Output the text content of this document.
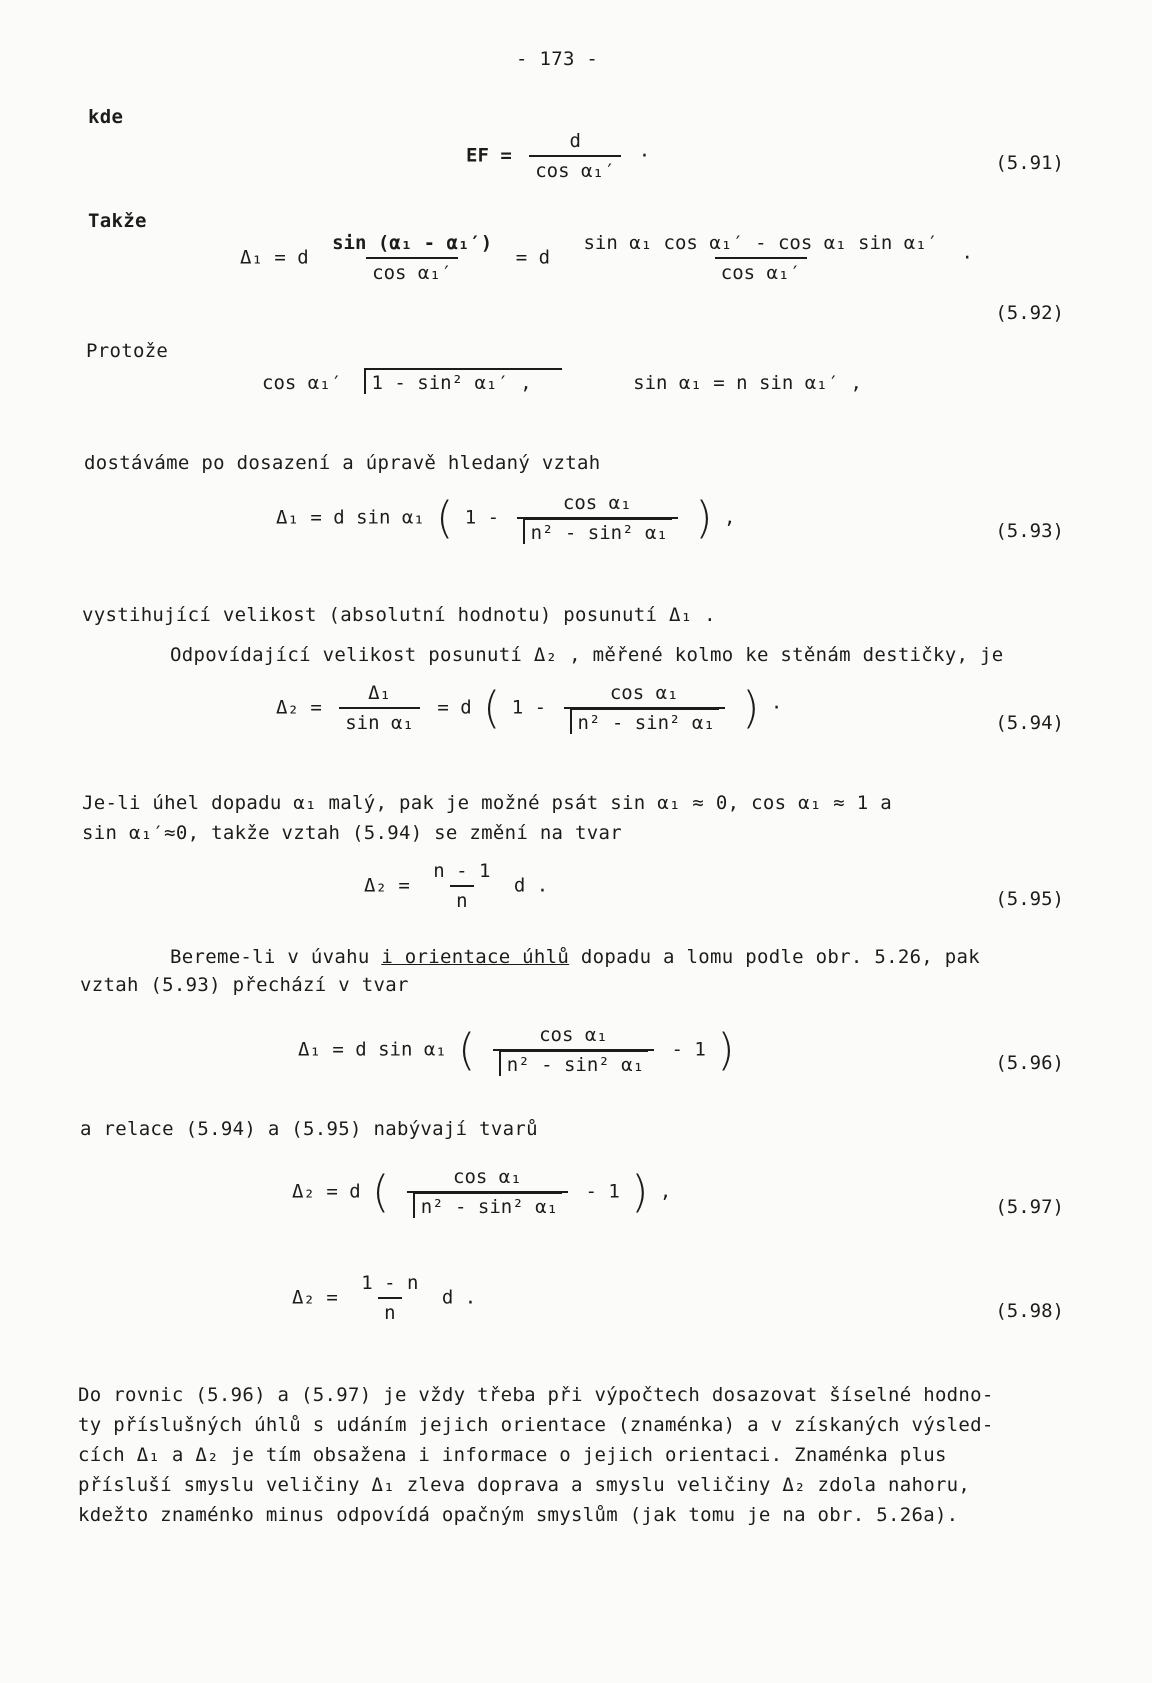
- 173 -
kde
EF = $\frac{d}{\text{cos α₁′}}$ ·	(5.91)
Takže
Δ₁ = d $\frac{\text{sin (α₁ - α₁′)}}{\text{cos α₁′}} = d \frac{\text{sin α₁ cos α₁′ - cos α₁ sin α₁′}}{\text{cos α₁′}}$ ·
(5.92)
Protože
cos α₁′ 1 - sin² α₁′ ,	sin α₁ = n sin α₁′ ,
dostáváme po dosazení a úpravě hledaný vztah
Δ₁ = d sin α₁ ( $1 - \frac{\text{cos α₁}}{\text{n² - sin² α₁}}$ ) ,
(5.93)
vystihující velikost (absolutní hodnotu) posunutí Δ₁ .
Odpovídající velikost posunutí Δ₂ , měřené kolmo ke stěnám destičky, je
$\Delta_2 = \frac{\text{Δ₁}}{\text{sin α₁}} = d$ ( $1 - \frac{\text{cos α₁}}{\text{n² - sin² α₁}}$ ) ·
(5.94)
Je-li úhel dopadu α₁ malý, pak je možné psát sin α₁ ≈ 0, cos α₁ ≈ 1 a
sin α₁′≈0, takže vztah (5.94) se změní na tvar
$\Delta_2 = \frac{n - 1}{n}$ d .
(5.95)
Bereme-li v úvahu i orientace úhlů dopadu a lomu podle obr. 5.26, pak
vztah (5.93) přechází v tvar
Δ₁ = d sin α₁ ( $\frac{\text{cos α₁}}{\text{n² - sin² α₁}} - 1$ )	(5.96)
a relace (5.94) a (5.95) nabývají tvarů
Δ₂ = d ( $\frac{\text{cos α₁}}{\text{n² - sin² α₁}} - 1$ ) ,
(5.97)
$\Delta_2 = \frac{1 - n}{n}$ d .
(5.98)
Do rovnic (5.96) a (5.97) je vždy třeba při výpočtech dosazovat šíselné hodno-
ty příslušných úhlů s udáním jejich orientace (znaménka) a v získaných výsled-
cích Δ₁ a Δ₂ je tím obsažena i informace o jejich orientaci. Znaménka plus
přísluší smyslu veličiny Δ₁ zleva doprava a smyslu veličiny Δ₂ zdola nahoru,
kdežto znaménko minus odpovídá opačným smyslům (jak tomu je na obr. 5.26a).
